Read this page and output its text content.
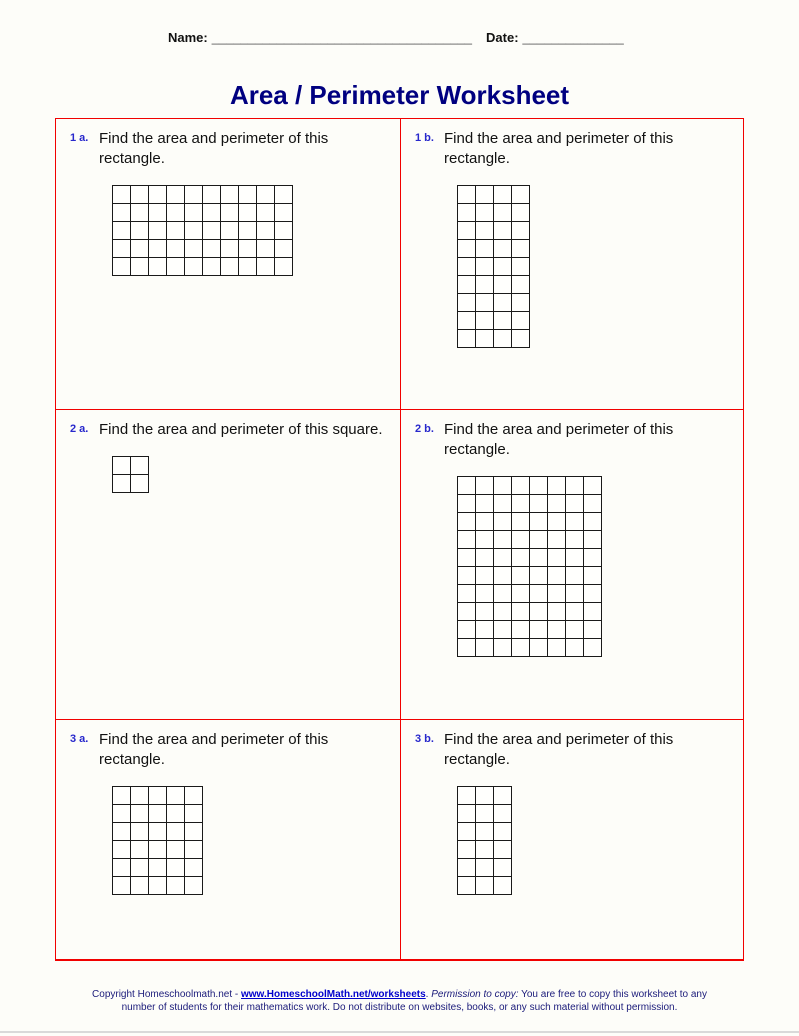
Name: ____________________________________ Date: ______________
Area / Perimeter Worksheet
1 a. Find the area and perimeter of this rectangle.
1 b. Find the area and perimeter of this rectangle.
2 a. Find the area and perimeter of this square.	2 b. Find the area and perimeter of this rectangle.
3 a. Find the area and perimeter of this rectangle.
3 b. Find the area and perimeter of this rectangle.
Copyright Homeschoolmath.net - www.HomeschoolMath.net/worksheets. Permission to copy: You are free to copy this worksheet to any
number of students for their mathematics work. Do not distribute on websites, books, or any such material without permission.
